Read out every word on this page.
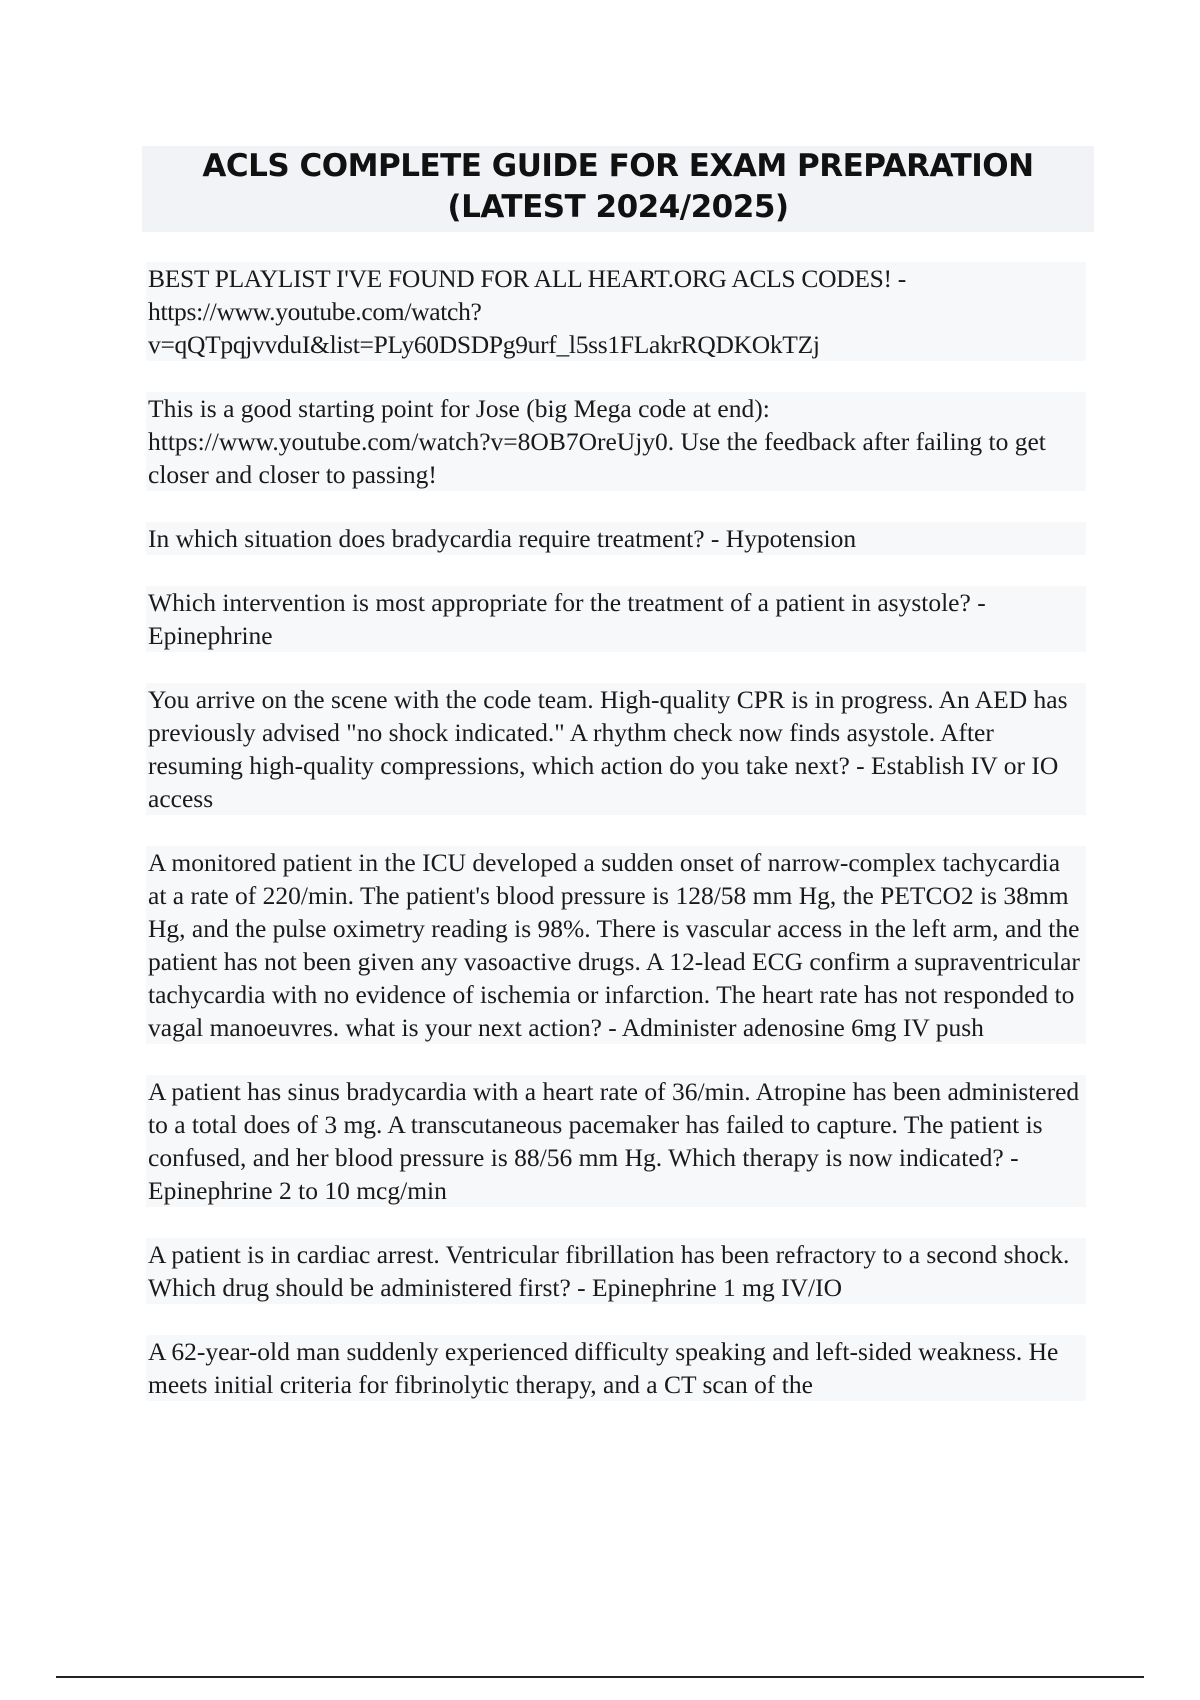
ACLS COMPLETE GUIDE FOR EXAM PREPARATION
(LATEST 2024/2025)

BEST PLAYLIST I'VE FOUND FOR ALL HEART.ORG ACLS CODES! - https://www.youtube.com/watch?v=qQTpqjvvduI&list=PLy60DSDPg9urf_l5ss1FLakrRQDKOkTZj

This is a good starting point for Jose (big Mega code at end): https://www.youtube.com/watch?v=8OB7OreUjy0. Use the feedback after failing to get closer and closer to passing!

In which situation does bradycardia require treatment? - Hypotension

Which intervention is most appropriate for the treatment of a patient in asystole? - Epinephrine

You arrive on the scene with the code team. High-quality CPR is in progress. An AED has previously advised "no shock indicated." A rhythm check now finds asystole. After resuming high-quality compressions, which action do you take next? - Establish IV or IO access

A monitored patient in the ICU developed a sudden onset of narrow-complex tachycardia at a rate of 220/min. The patient's blood pressure is 128/58 mm Hg, the PETCO2 is 38mm Hg, and the pulse oximetry reading is 98%. There is vascular access in the left arm, and the patient has not been given any vasoactive drugs. A 12-lead ECG confirm a supraventricular tachycardia with no evidence of ischemia or infarction. The heart rate has not responded to vagal manoeuvres. what is your next action? - Administer adenosine 6mg IV push

A patient has sinus bradycardia with a heart rate of 36/min. Atropine has been administered to a total does of 3 mg. A transcutaneous pacemaker has failed to capture. The patient is confused, and her blood pressure is 88/56 mm Hg. Which therapy is now indicated? - Epinephrine 2 to 10 mcg/min

A patient is in cardiac arrest. Ventricular fibrillation has been refractory to a second shock. Which drug should be administered first? - Epinephrine 1 mg IV/IO

A 62-year-old man suddenly experienced difficulty speaking and left-sided weakness. He meets initial criteria for fibrinolytic therapy, and a CT scan of the
